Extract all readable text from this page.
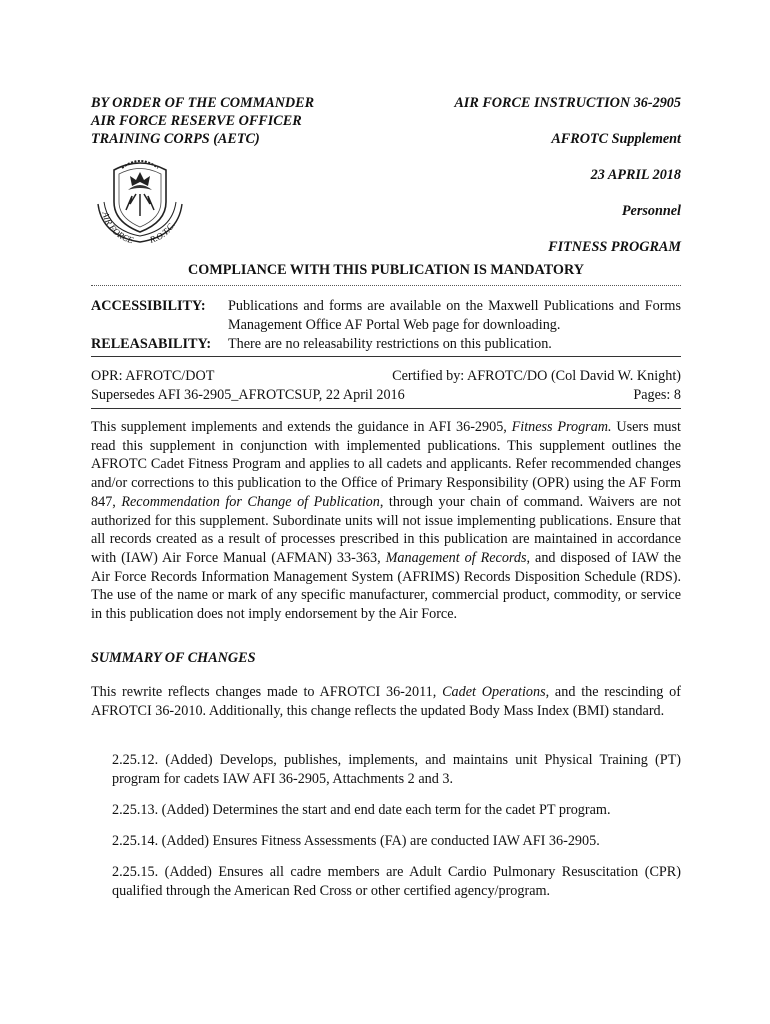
BY ORDER OF THE COMMANDER
AIR FORCE RESERVE OFFICER
TRAINING CORPS (AETC)
AIR FORCE INSTRUCTION 36-2905
AFROTC Supplement
23 APRIL 2018
Personnel
FITNESS PROGRAM
AIR FORCE R.O.T.C.
COMPLIANCE WITH THIS PUBLICATION IS MANDATORY
ACCESSIBILITY:	Publications and forms are available on the Maxwell Publications and Forms Management Office AF Portal Web page for downloading.
RELEASABILITY:	There are no releasability restrictions on this publication.
OPR: AFROTC/DOT	Certified by: AFROTC/DO (Col David W. Knight)
Supersedes AFI 36-2905_AFROTCSUP, 22 April 2016	Pages: 8
This supplement implements and extends the guidance in AFI 36-2905, Fitness Program. Users must read this supplement in conjunction with implemented publications. This supplement outlines the AFROTC Cadet Fitness Program and applies to all cadets and applicants. Refer recommended changes and/or corrections to this publication to the Office of Primary Responsibility (OPR) using the AF Form 847, Recommendation for Change of Publication, through your chain of command. Waivers are not authorized for this supplement. Subordinate units will not issue implementing publications. Ensure that all records created as a result of processes prescribed in this publication are maintained in accordance with (IAW) Air Force Manual (AFMAN) 33-363, Management of Records, and disposed of IAW the Air Force Records Information Management System (AFRIMS) Records Disposition Schedule (RDS). The use of the name or mark of any specific manufacturer, commercial product, commodity, or service in this publication does not imply endorsement by the Air Force.
SUMMARY OF CHANGES
This rewrite reflects changes made to AFROTCI 36-2011, Cadet Operations, and the rescinding of AFROTCI 36-2010. Additionally, this change reflects the updated Body Mass Index (BMI) standard.
2.25.12. (Added) Develops, publishes, implements, and maintains unit Physical Training (PT) program for cadets IAW AFI 36-2905, Attachments 2 and 3.
2.25.13. (Added) Determines the start and end date each term for the cadet PT program.
2.25.14. (Added) Ensures Fitness Assessments (FA) are conducted IAW AFI 36-2905.
2.25.15. (Added) Ensures all cadre members are Adult Cardio Pulmonary Resuscitation (CPR) qualified through the American Red Cross or other certified agency/program.
